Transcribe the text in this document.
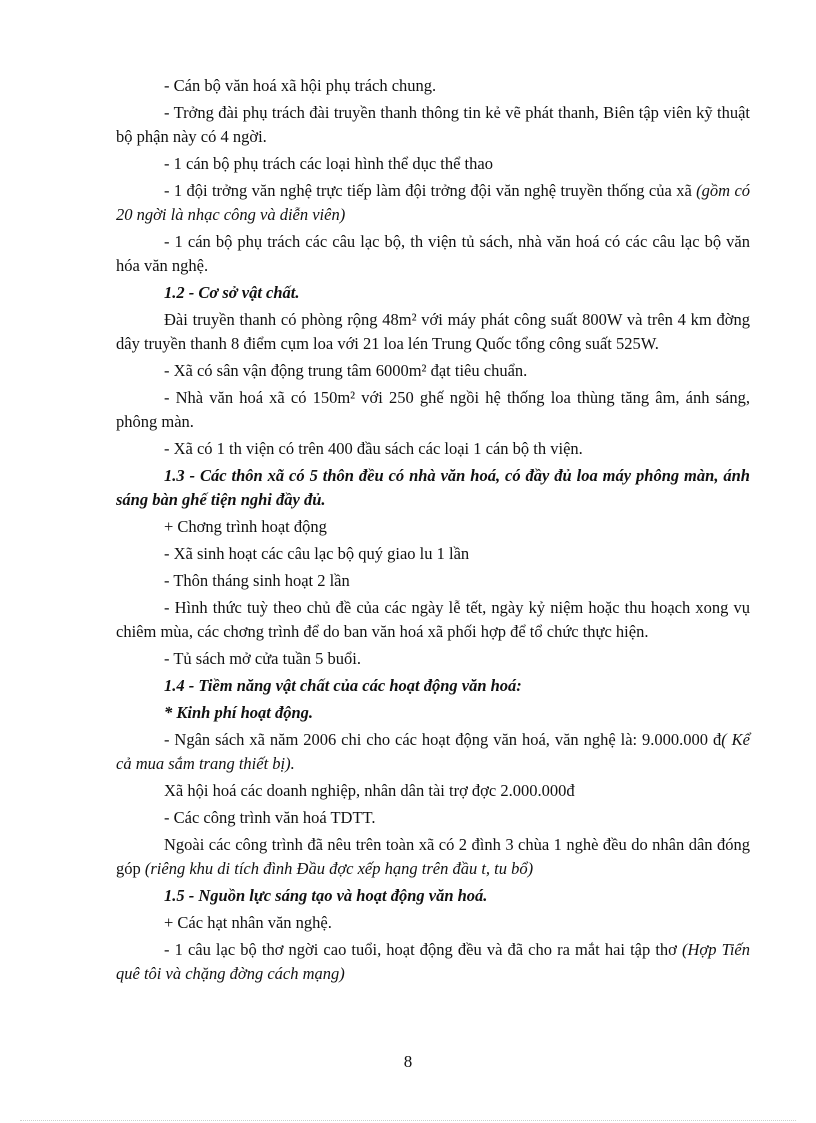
- Cán bộ văn hoá xã hội phụ trách chung.

- Trởng đài phụ trách đài truyền thanh thông tin kẻ vẽ phát thanh, Biên tập viên kỹ thuật bộ phận này có 4 ngời.

- 1 cán bộ phụ trách các loại hình thể dục thể thao

- 1 đội trởng văn nghệ trực tiếp làm đội trởng đội văn nghệ truyền thống của xã (gồm có 20 ngời là nhạc công và diễn viên)

- 1 cán bộ phụ trách các câu lạc bộ, th viện tủ sách, nhà văn hoá có các câu lạc bộ văn hóa văn nghệ.

1.2 - Cơ sở vật chất.

Đài truyền thanh có phòng rộng 48m² với máy phát công suất 800W và trên 4 km đờng dây truyền thanh 8 điểm cụm loa với 21 loa lén Trung Quốc tổng công suất 525W.

- Xã có sân vận động trung tâm 6000m² đạt tiêu chuẩn.

- Nhà văn hoá xã có 150m² với 250 ghế ngồi hệ thống loa thùng tăng âm, ánh sáng, phông màn.

- Xã có 1 th viện có trên 400 đầu sách các loại 1 cán bộ th viện.

1.3 - Các thôn xã có 5 thôn đều có nhà văn hoá, có đầy đủ loa máy phông màn, ánh sáng bàn ghế tiện nghi đầy đủ.

+ Chơng trình hoạt động

- Xã sinh hoạt các câu lạc bộ quý giao lu 1 lần

- Thôn tháng sinh hoạt 2 lần

- Hình thức tuỳ theo chủ đề của các ngày lễ tết, ngày kỷ niệm hoặc thu hoạch xong vụ chiêm mùa, các chơng trình để do ban văn hoá xã phối hợp để tổ chức thực hiện.

- Tủ sách mở cửa tuần 5 buổi.

1.4 - Tiềm năng vật chất của các hoạt động văn hoá:

* Kinh phí hoạt động.

- Ngân sách xã năm 2006 chi cho các hoạt động văn hoá, văn nghệ là: 9.000.000 đ( Kể cả mua sắm trang thiết bị).

Xã hội hoá các doanh nghiệp, nhân dân tài trợ đợc 2.000.000đ

- Các công trình văn hoá TDTT.

Ngoài các công trình đã nêu trên toàn xã có 2 đình 3 chùa 1 nghè đều do nhân dân đóng góp (riêng khu di tích đình Đầu đợc xếp hạng trên đầu t, tu bổ)

1.5 - Nguồn lực sáng tạo và hoạt động văn hoá.

+ Các hạt nhân văn nghệ.

- 1 câu lạc bộ thơ ngời cao tuổi, hoạt động đều và đã cho ra mắt hai tập thơ (Hợp Tiến quê tôi và chặng đờng cách mạng)

8
